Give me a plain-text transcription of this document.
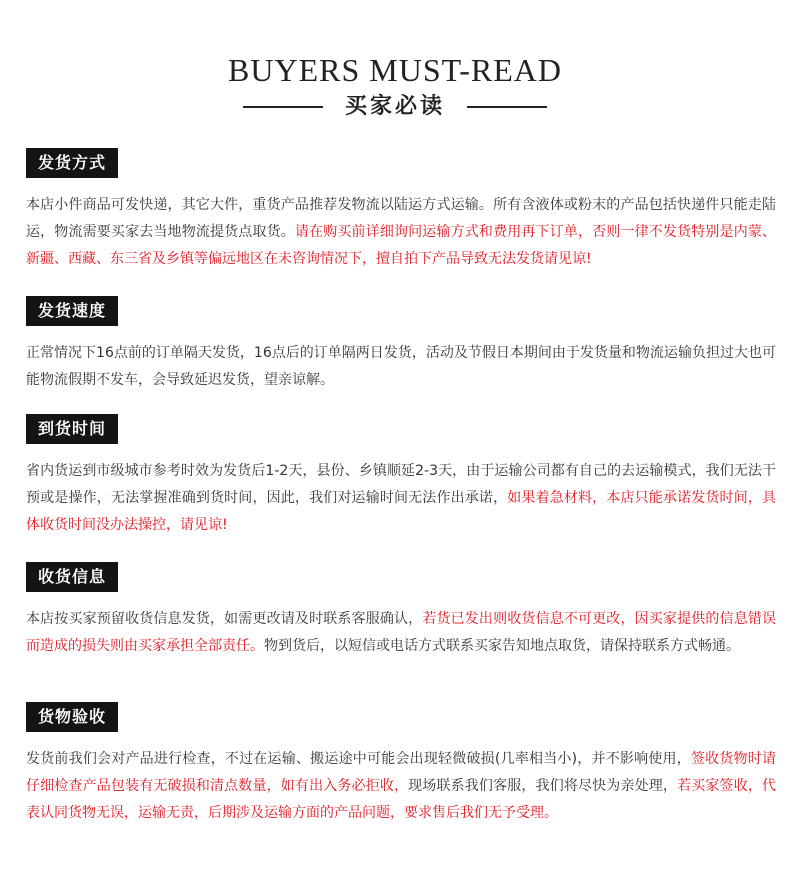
BUYERS MUST-READ
买家必读
发货方式
本店小件商品可发快递，其它大件，重货产品推荐发物流以陆运方式运输。所有含液体或粉末的产品包括快递件只能走陆运，物流需要买家去当地物流提货点取货。请在购买前详细询问运输方式和费用再下订单，否则一律不发货特别是内蒙、新疆、西藏、东三省及乡镇等偏远地区在未咨询情况下，擅自拍下产品导致无法发货请见谅!
发货速度
正常情况下16点前的订单隔天发货，16点后的订单隔两日发货，活动及节假日本期间由于发货量和物流运输负担过大也可能物流假期不发车，会导致延迟发货，望亲谅解。
到货时间
省内货运到市级城市参考时效为发货后1-2天，县份、乡镇顺延2-3天，由于运输公司都有自己的去运输模式，我们无法干预或是操作，无法掌握准确到货时间，因此，我们对运输时间无法作出承诺，如果着急材料，本店只能承诺发货时间，具体收货时间没办法操控，请见谅!
收货信息
本店按买家预留收货信息发货，如需更改请及时联系客服确认，若货已发出则收货信息不可更改，因买家提供的信息错误而造成的损失则由买家承担全部责任。物到货后，以短信或电话方式联系买家告知地点取货，请保持联系方式畅通。
货物验收
发货前我们会对产品进行检查，不过在运输、搬运途中可能会出现轻微破损(几率相当小)，并不影响使用，签收货物时请仔细检查产品包装有无破损和清点数量，如有出入务必拒收，现场联系我们客服，我们将尽快为亲处理，若买家签收，代表认同货物无误，运输无责，后期涉及运输方面的产品问题，要求售后我们无予受理。
